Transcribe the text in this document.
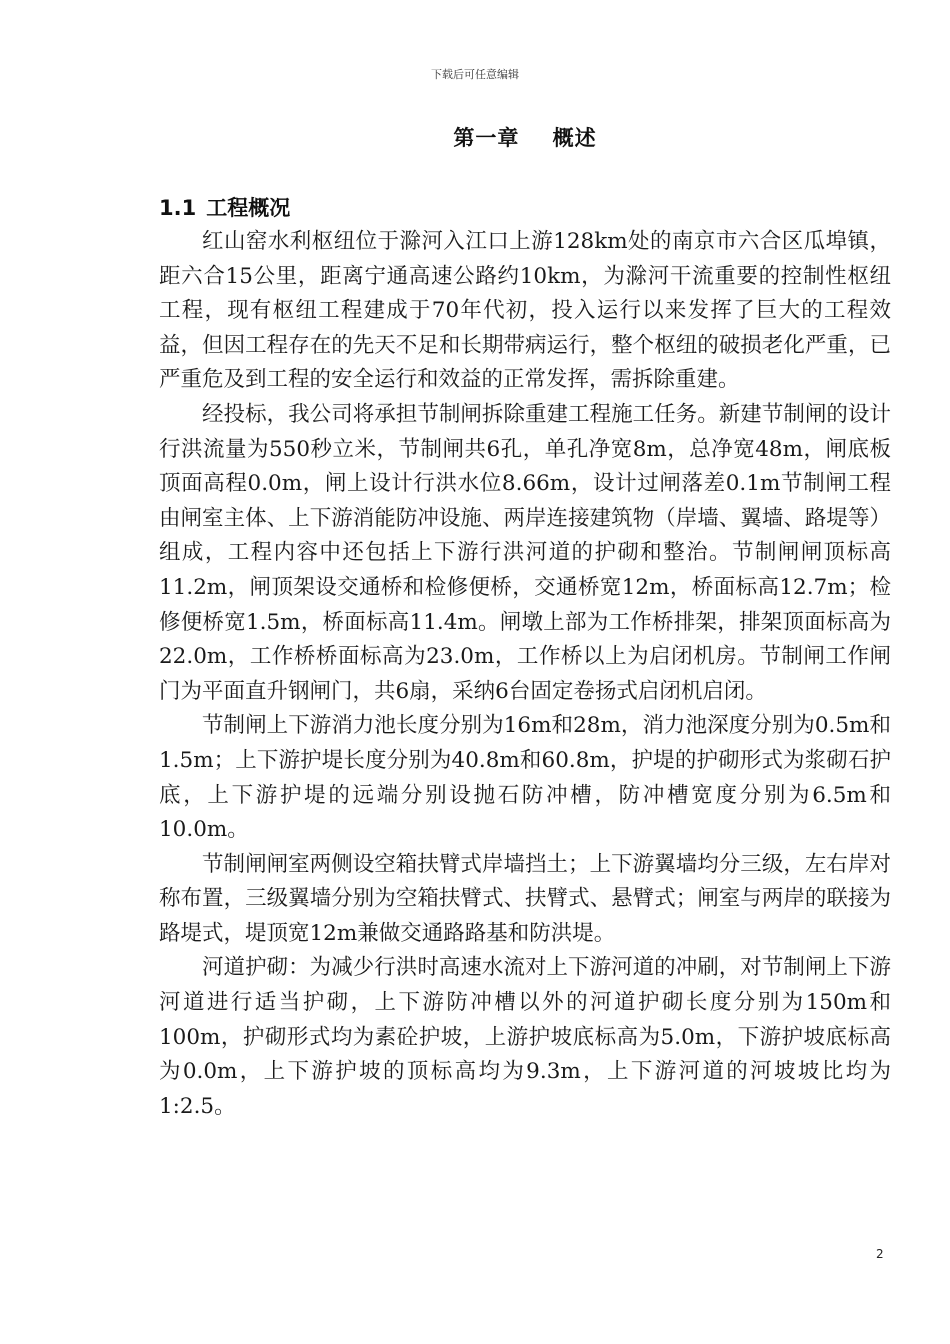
下载后可任意编辑
第一章    概述
1.1 工程概况

红山窑水利枢纽位于滁河入江口上游128km处的南京市六合区瓜埠镇，距六合15公里，距离宁通高速公路约10km，为滁河干流重要的控制性枢纽工程，现有枢纽工程建成于70年代初，投入运行以来发挥了巨大的工程效益，但因工程存在的先天不足和长期带病运行，整个枢纽的破损老化严重，已严重危及到工程的安全运行和效益的正常发挥，需拆除重建。

经投标，我公司将承担节制闸拆除重建工程施工任务。新建节制闸的设计行洪流量为550秒立米，节制闸共6孔，单孔净宽8m，总净宽48m，闸底板顶面高程0.0m，闸上设计行洪水位8.66m，设计过闸落差0.1m节制闸工程由闸室主体、上下游消能防冲设施、两岸连接建筑物（岸墙、翼墙、路堤等）组成，工程内容中还包括上下游行洪河道的护砌和整治。节制闸闸顶标高11.2m，闸顶架设交通桥和检修便桥，交通桥宽12m，桥面标高12.7m；检修便桥宽1.5m，桥面标高11.4m。闸墩上部为工作桥排架，排架顶面标高为22.0m，工作桥桥面标高为23.0m，工作桥以上为启闭机房。节制闸工作闸门为平面直升钢闸门，共6扇，采纳6台固定卷扬式启闭机启闭。

节制闸上下游消力池长度分别为16m和28m，消力池深度分别为0.5m和1.5m；上下游护堤长度分别为40.8m和60.8m，护堤的护砌形式为浆砌石护底，上下游护堤的远端分别设抛石防冲槽，防冲槽宽度分别为6.5m和10.0m。

节制闸闸室两侧设空箱扶臂式岸墙挡土；上下游翼墙均分三级，左右岸对称布置，三级翼墙分别为空箱扶臂式、扶臂式、悬臂式；闸室与两岸的联接为路堤式，堤顶宽12m兼做交通路路基和防洪堤。

河道护砌：为减少行洪时高速水流对上下游河道的冲刷，对节制闸上下游河道进行适当护砌，上下游防冲槽以外的河道护砌长度分别为150m和100m，护砌形式均为素砼护坡，上游护坡底标高为5.0m，下游护坡底标高为0.0m，上下游护坡的顶标高均为9.3m，上下游河道的河坡坡比均为1:2.5。

2
